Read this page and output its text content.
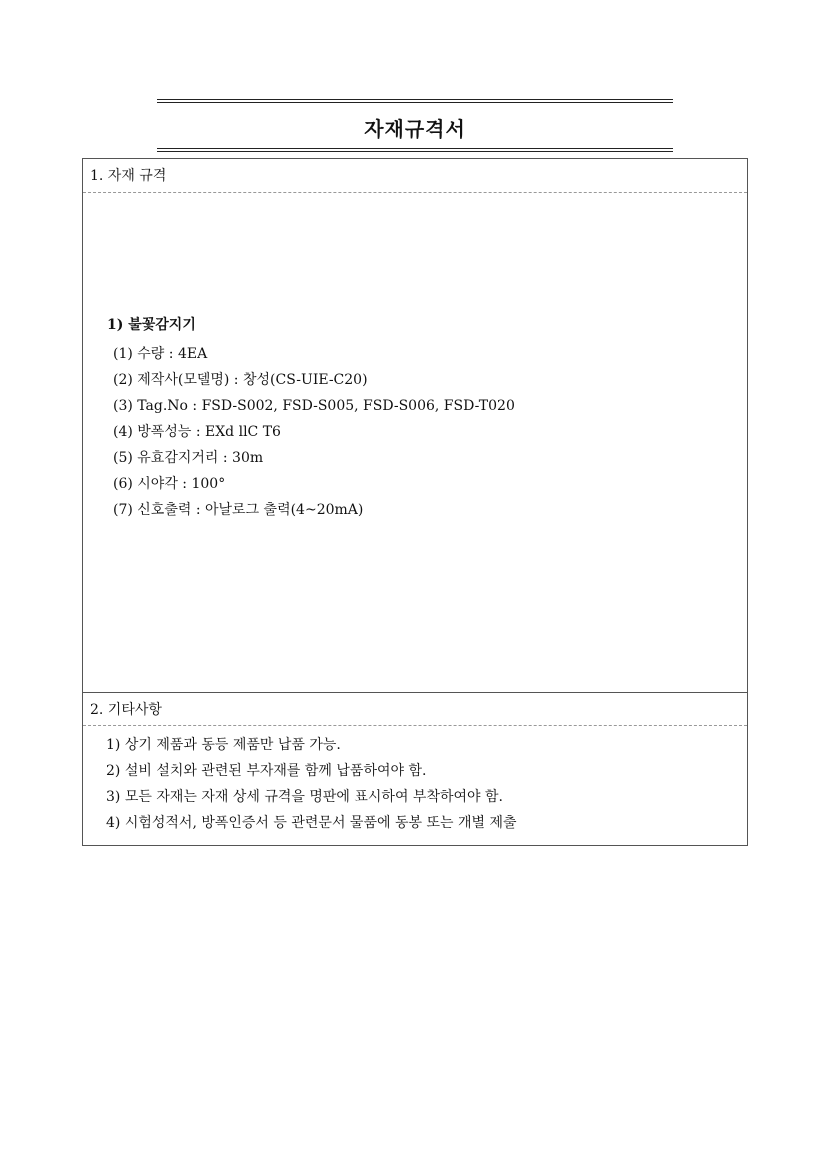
자재규격서
1. 자재 규격
1) 불꽃감지기
(1) 수량 : 4EA
(2) 제작사(모델명) : 창성(CS-UIE-C20)
(3) Tag.No : FSD-S002, FSD-S005, FSD-S006, FSD-T020
(4) 방폭성능 : EXd llC T6
(5) 유효감지거리 : 30m
(6) 시야각 : 100°
(7) 신호출력 : 아날로그 출력(4~20mA)
2. 기타사항
1) 상기 제품과 동등 제품만 납품 가능.
2) 설비 설치와 관련된 부자재를 함께 납품하여야 함.
3) 모든 자재는 자재 상세 규격을 명판에 표시하여 부착하여야 함.
4) 시험성적서, 방폭인증서 등 관련문서 물품에 동봉 또는 개별 제출
